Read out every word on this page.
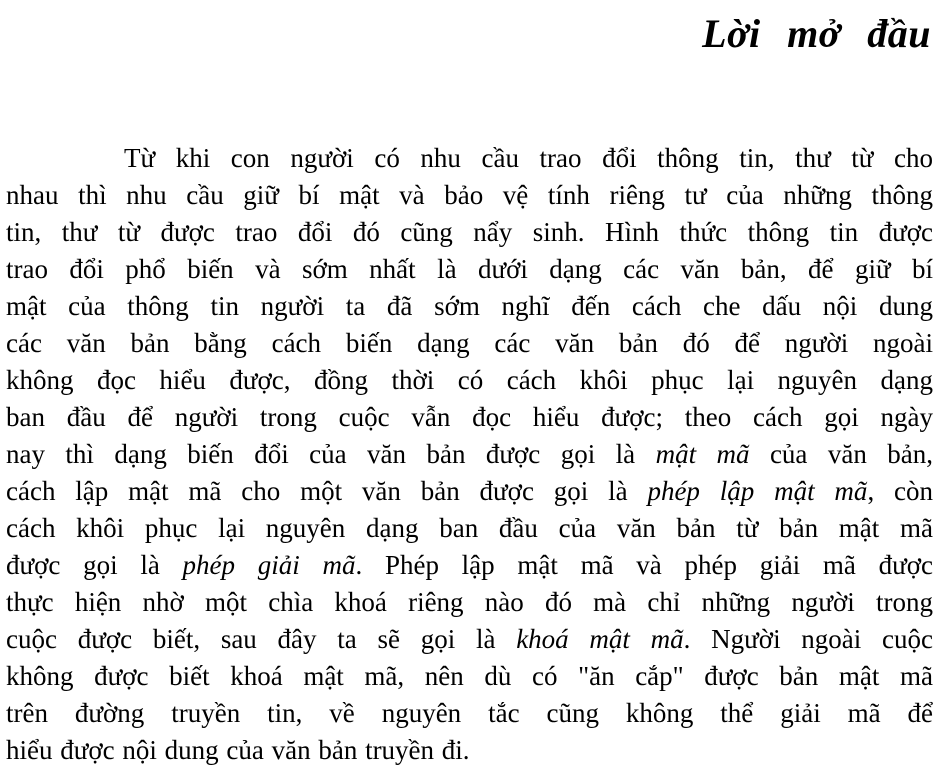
Lời mở đầu
Từ khi con người có nhu cầu trao đổi thông tin, thư từ cho
nhau thì nhu cầu giữ bí mật và bảo vệ tính riêng tư của những thông
tin, thư từ được trao đổi đó cũng nẩy sinh. Hình thức thông tin được
trao đổi phổ biến và sớm nhất là dưới dạng các văn bản, để giữ bí
mật của thông tin người ta đã sớm nghĩ đến cách che dấu nội dung
các văn bản bằng cách biến dạng các văn bản đó để người ngoài
không đọc hiểu được, đồng thời có cách khôi phục lại nguyên dạng
ban đầu để người trong cuộc vẫn đọc hiểu được; theo cách gọi ngày
nay thì dạng biến đổi của văn bản được gọi là mật mã của văn bản,
cách lập mật mã cho một văn bản được gọi là phép lập mật mã, còn
cách khôi phục lại nguyên dạng ban đầu của văn bản từ bản mật mã
được gọi là phép giải mã. Phép lập mật mã và phép giải mã được
thực hiện nhờ một chìa khoá riêng nào đó mà chỉ những người trong
cuộc được biết, sau đây ta sẽ gọi là khoá mật mã. Người ngoài cuộc
không được biết khoá mật mã, nên dù có "ăn cắp" được bản mật mã
trên đường truyền tin, về nguyên tắc cũng không thể giải mã để
hiểu được nội dung của văn bản truyền đi.
